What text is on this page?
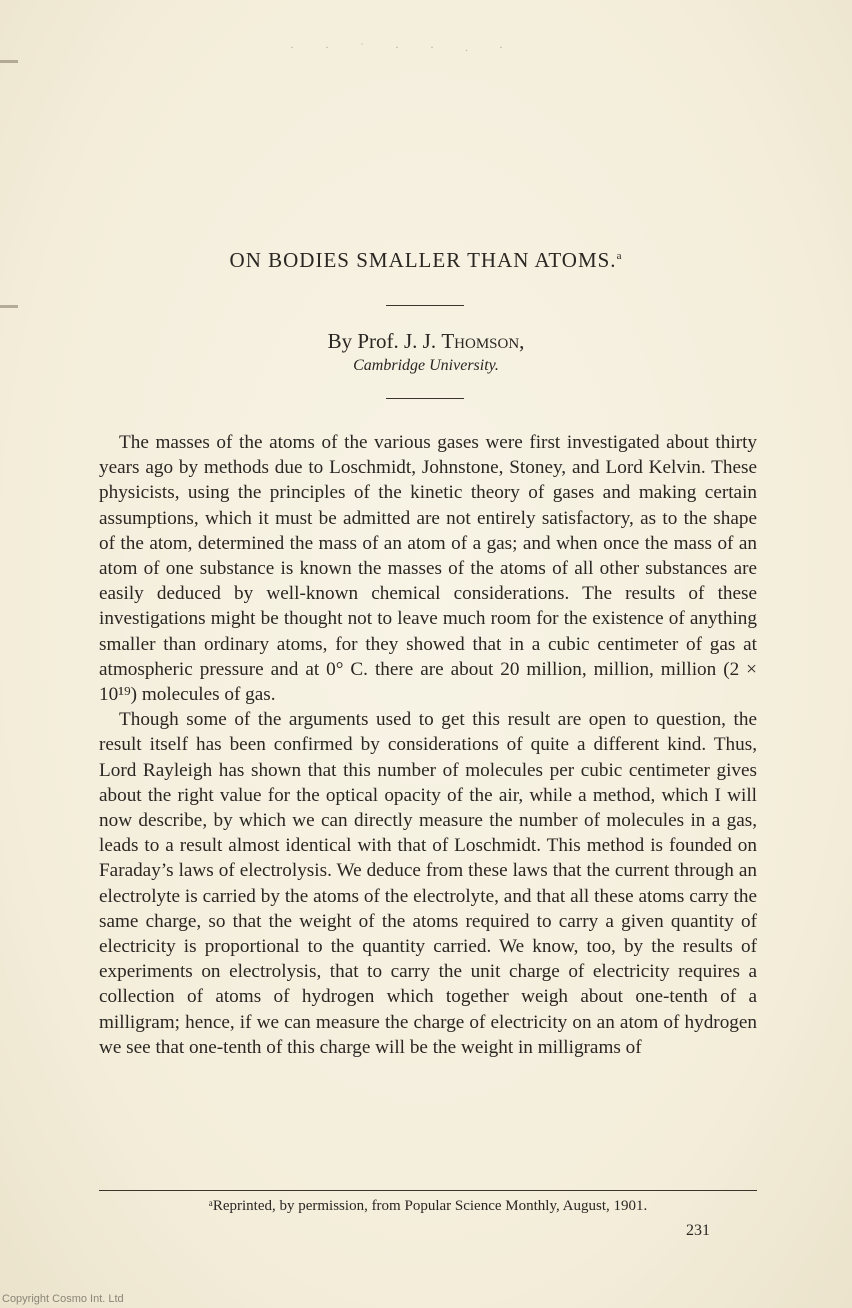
· · ˙ · · . ·
ON BODIES SMALLER THAN ATOMS.$^a$
By Prof. J. J. Thomson,
Cambridge University.

The masses of the atoms of the various gases were first investigated about thirty years ago by methods due to Loschmidt, Johnstone, Stoney, and Lord Kelvin. These physicists, using the principles of the kinetic theory of gases and making certain assumptions, which it must be admitted are not entirely satisfactory, as to the shape of the atom, determined the mass of an atom of a gas; and when once the mass of an atom of one substance is known the masses of the atoms of all other substances are easily deduced by well-known chemical considerations. The results of these investigations might be thought not to leave much room for the existence of anything smaller than ordinary atoms, for they showed that in a cubic centimeter of gas at atmospheric pressure and at 0° C. there are about 20 million, million, million (2 × 10¹⁹) molecules of gas.

Though some of the arguments used to get this result are open to question, the result itself has been confirmed by considerations of quite a different kind. Thus, Lord Rayleigh has shown that this number of molecules per cubic centimeter gives about the right value for the optical opacity of the air, while a method, which I will now describe, by which we can directly measure the number of molecules in a gas, leads to a result almost identical with that of Loschmidt. This method is founded on Faraday’s laws of electrolysis. We deduce from these laws that the current through an electrolyte is carried by the atoms of the electrolyte, and that all these atoms carry the same charge, so that the weight of the atoms required to carry a given quantity of electricity is proportional to the quantity carried. We know, too, by the results of experiments on electrolysis, that to carry the unit charge of electricity requires a collection of atoms of hydrogen which together weigh about one-tenth of a milligram; hence, if we can measure the charge of electricity on an atom of hydrogen we see that one-tenth of this charge will be the weight in milligrams of

ᵃReprinted, by permission, from Popular Science Monthly, August, 1901.
231
Copyright Cosmo Int. Ltd
